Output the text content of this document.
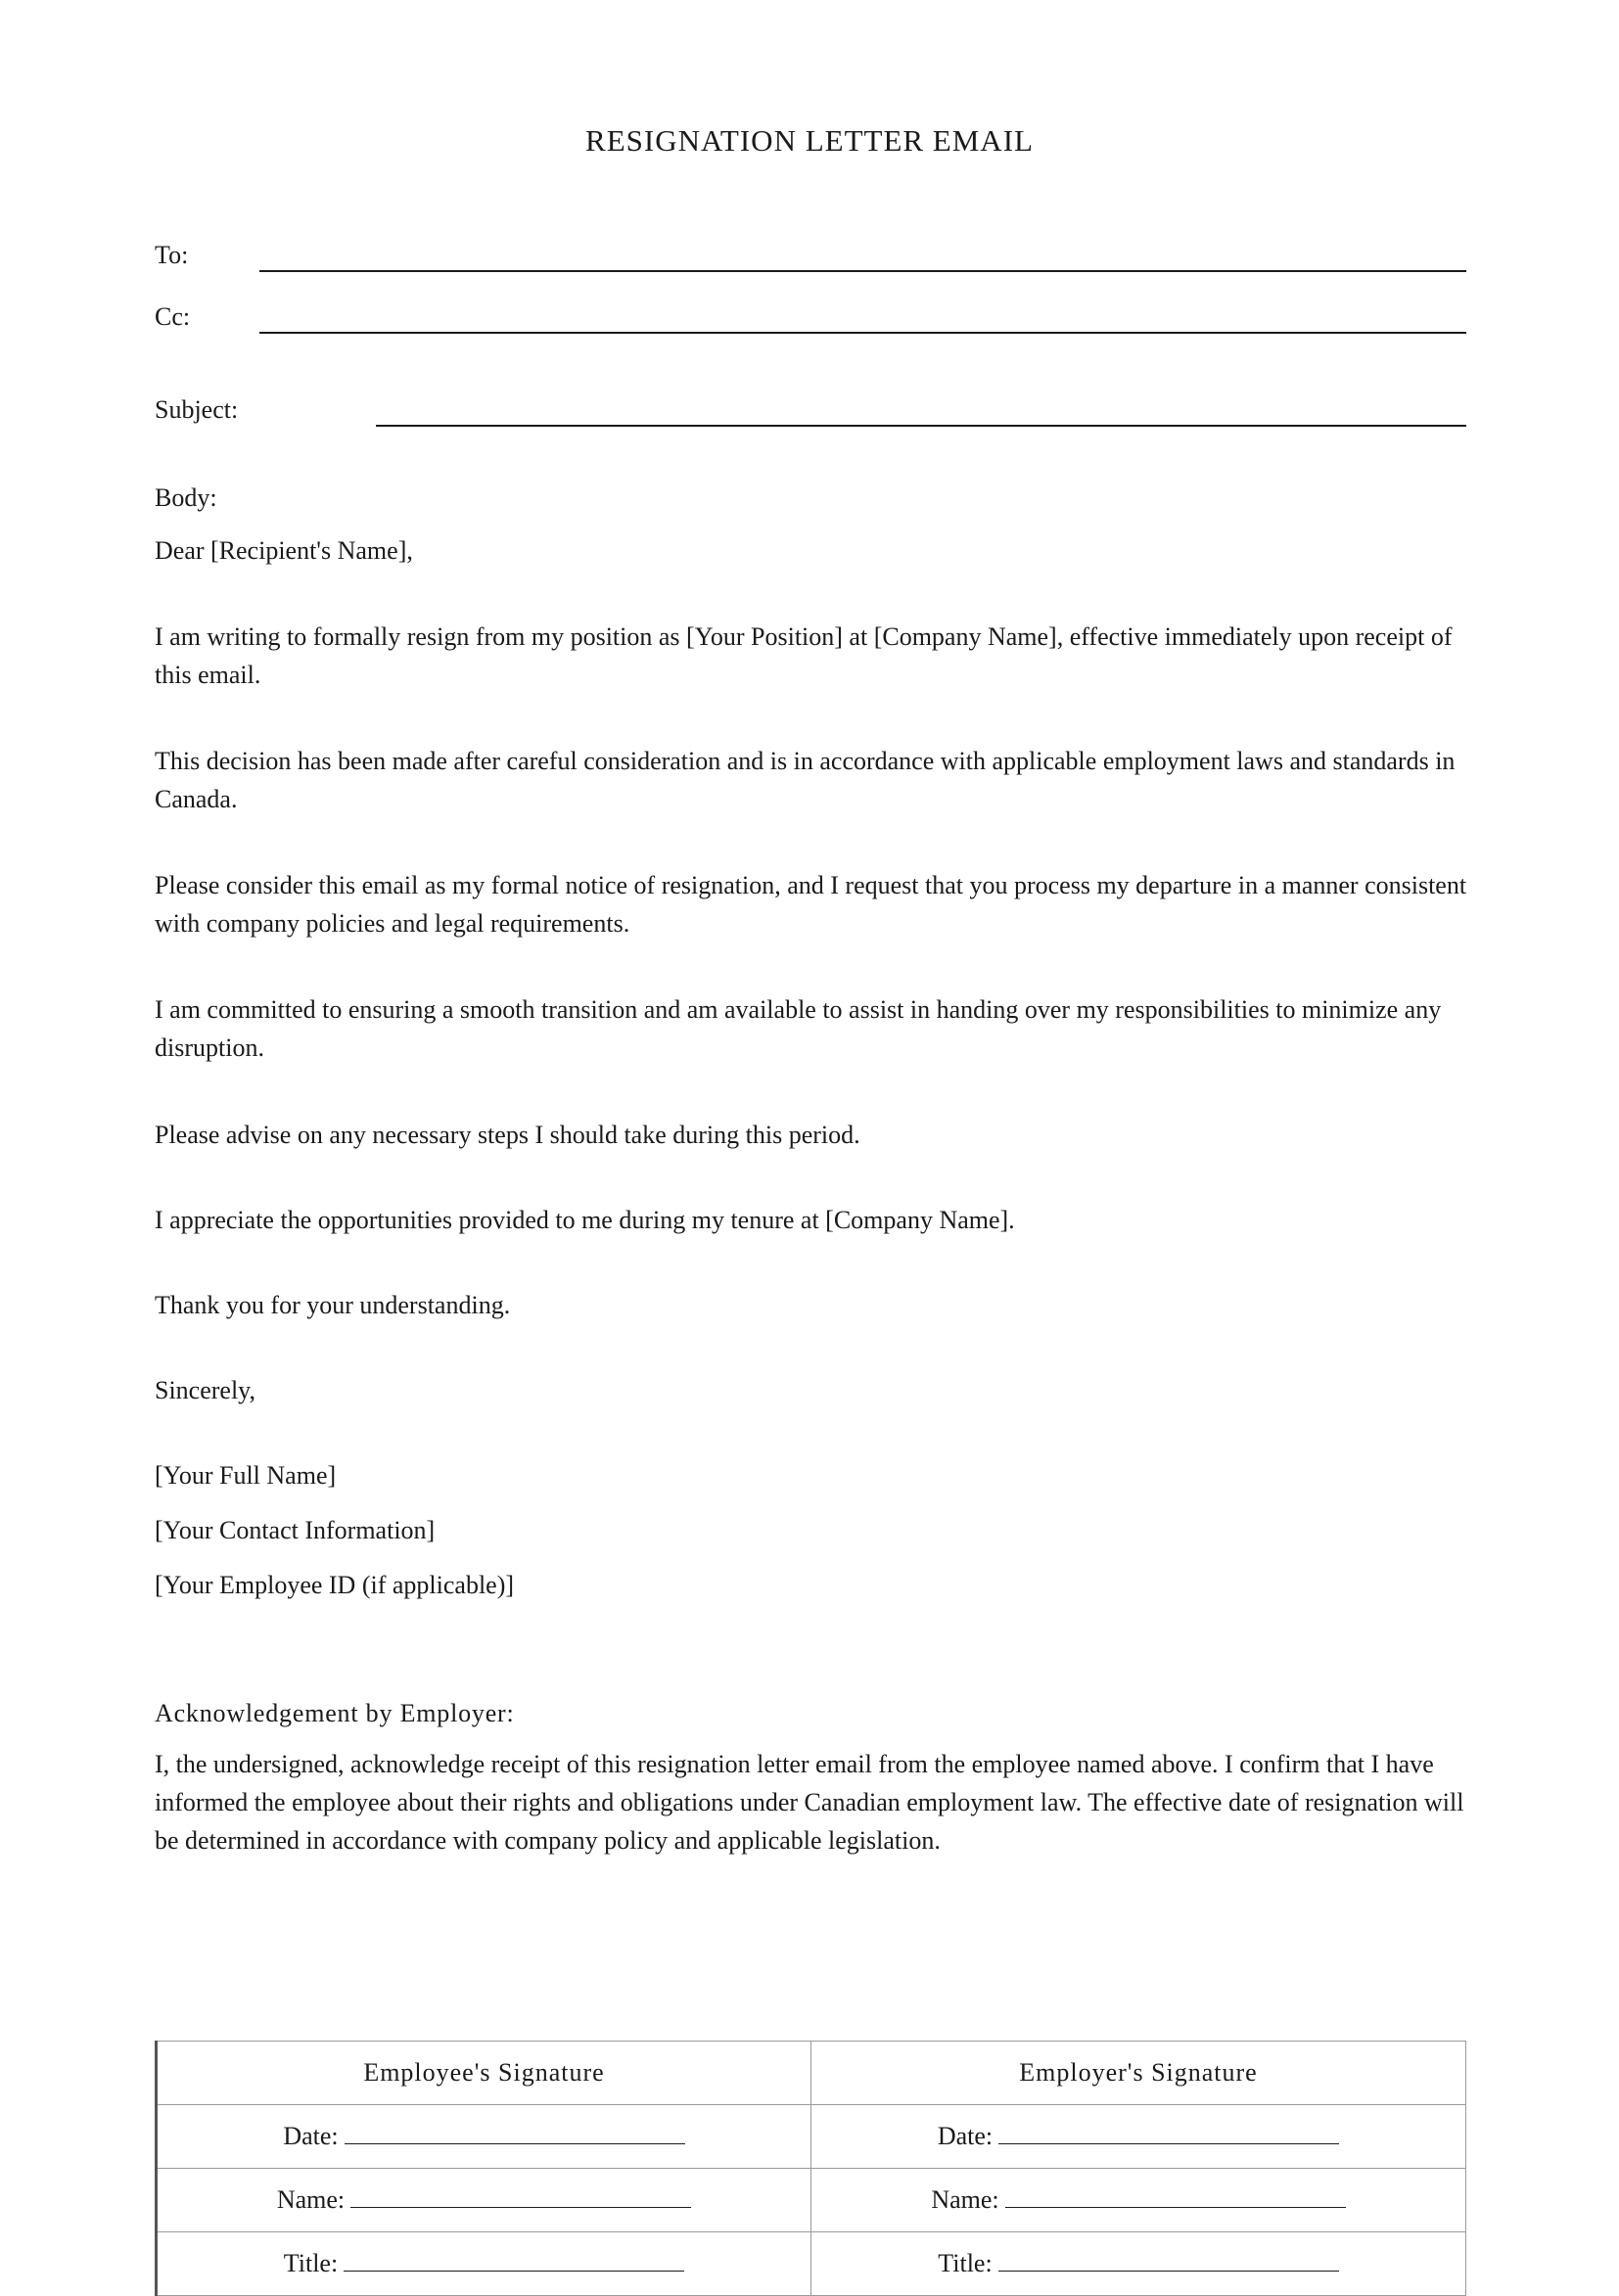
RESIGNATION LETTER EMAIL
To:
Cc:
Subject:
Body:

Dear [Recipient's Name],

I am writing to formally resign from my position as [Your Position] at [Company Name], effective immediately upon receipt of this email.

This decision has been made after careful consideration and is in accordance with applicable employment laws and standards in Canada.

Please consider this email as my formal notice of resignation, and I request that you process my departure in a manner consistent with company policies and legal requirements.

I am committed to ensuring a smooth transition and am available to assist in handing over my responsibilities to minimize any disruption.

Please advise on any necessary steps I should take during this period.

I appreciate the opportunities provided to me during my tenure at [Company Name].

Thank you for your understanding.

Sincerely,

[Your Full Name]

[Your Contact Information]

[Your Employee ID (if applicable)]

Acknowledgement by Employer:

I, the undersigned, acknowledge receipt of this resignation letter email from the employee named above. I confirm that I have informed the employee about their rights and obligations under Canadian employment law. The effective date of resignation will be determined in accordance with company policy and applicable legislation.

Employee's Signature	Employer's Signature
Date:	Date:
Name:	Name:
Title:	Title:
